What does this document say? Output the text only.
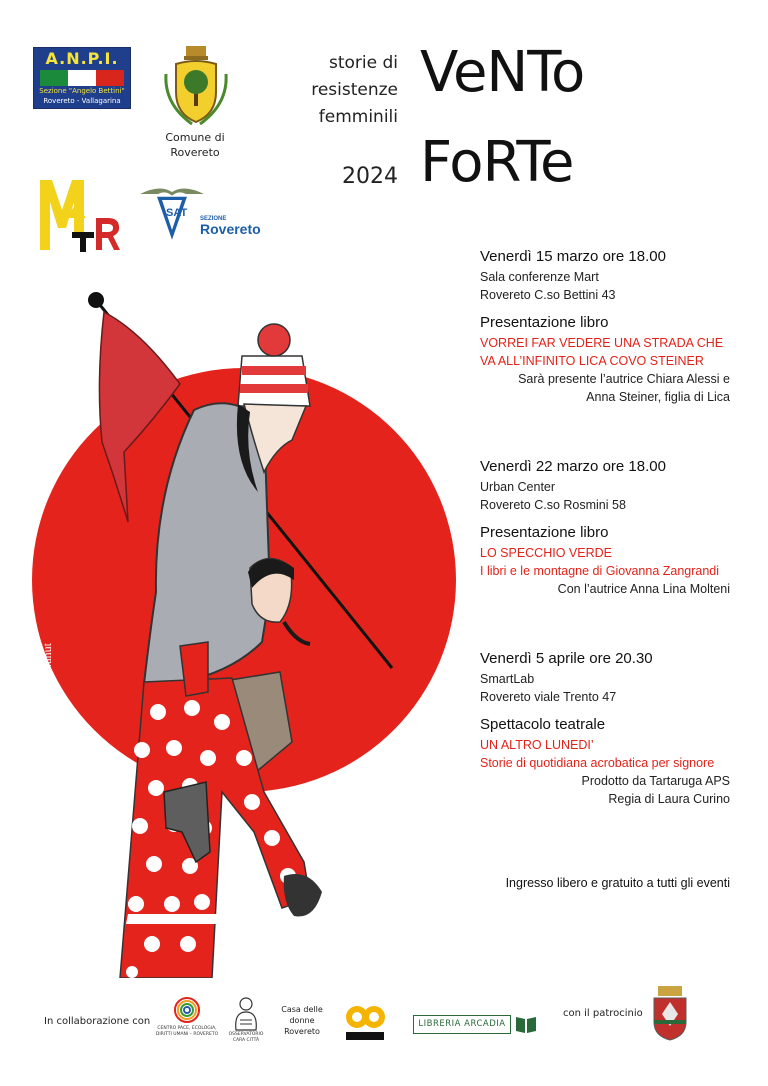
A.N.P.I.
Sezione "Angelo Bettini"
Rovereto - Vallagarina
Comune di
Rovereto
SAT SEZIONE
Rovereto
storie di
resistenze
femminili
2024
VeNTo
FoRTe
Disegno di Michela Nanut
Venerdì 15 marzo ore 18.00
Sala conferenze Mart
Rovereto C.so Bettini 43
Presentazione libro
VORREI FAR VEDERE UNA STRADA CHE
VA ALL’INFINITO LICA COVO STEINER
Sarà presente l’autrice Chiara Alessi e
Anna Steiner, figlia di Lica
Venerdì 22 marzo ore 18.00
Urban Center
Rovereto C.so Rosmini 58
Presentazione libro
LO SPECCHIO VERDE
I libri e le montagne di Giovanna Zangrandi
Con l’autrice Anna Lina Molteni
Venerdì 5 aprile ore 20.30
SmartLab
Rovereto viale Trento 47
Spettacolo teatrale
UN ALTRO LUNEDI’
Storie di quotidiana acrobatica per signore
Prodotto da Tartaruga APS
Regia di Laura Curino
Ingresso libero e gratuito a tutti gli eventi
In collaborazione con
CENTRO PACE, ECOLOGIA,
DIRITTI UMANI – ROVERETO	OSSERVATORIO
CARA CITTÀ
Casa delle
donne
Rovereto
LIBRERIA ARCADIA
con il patrocinio
